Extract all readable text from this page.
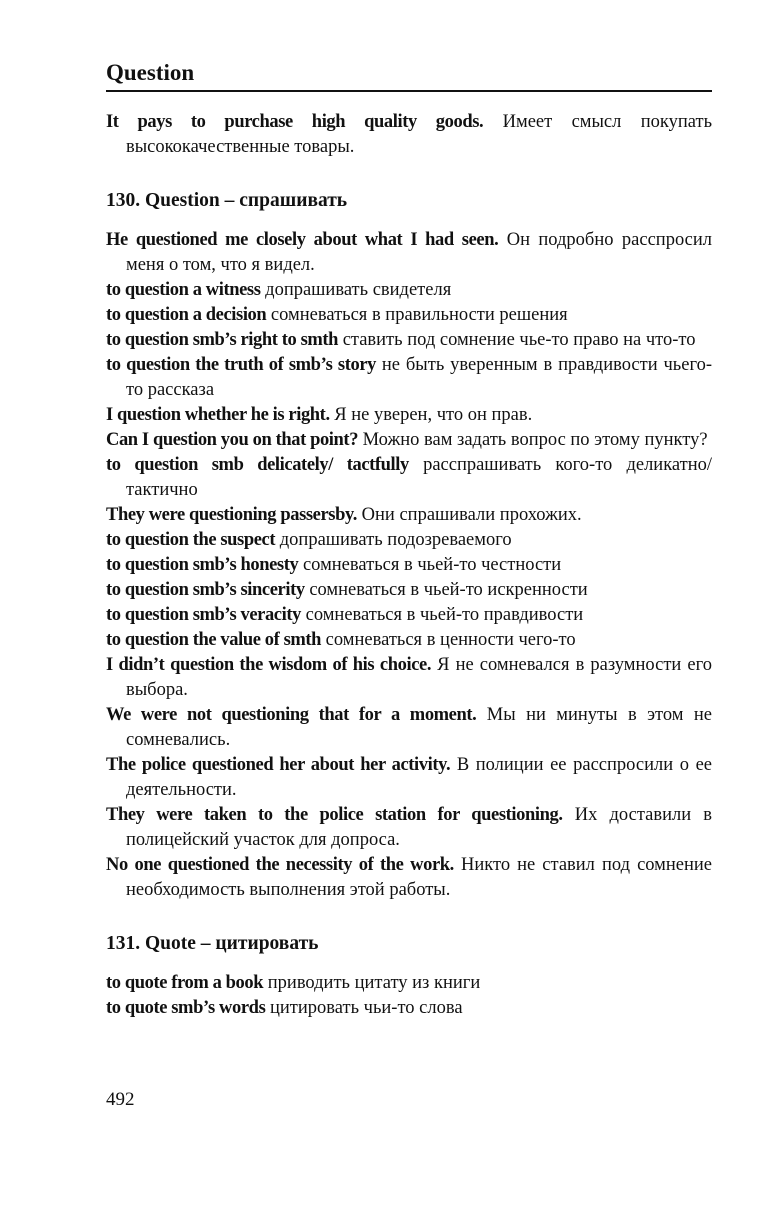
Question
It pays to purchase high quality goods. Имеет смысл покупать высококачественные товары.
130. Question – спрашивать
He questioned me closely about what I had seen. Он подробно расспросил меня о том, что я видел.
to question a witness допрашивать свидетеля
to question a decision сомневаться в правильности решения
to question smb’s right to smth ставить под сомнение чье-то право на что-то
to question the truth of smb’s story не быть уверенным в правдивости чьего-то рассказа
I question whether he is right. Я не уверен, что он прав.
Can I question you on that point? Можно вам задать вопрос по этому пункту?
to question smb delicately/ tactfully расспрашивать кого-то деликатно/ тактично
They were questioning passersby. Они спрашивали прохожих.
to question the suspect допрашивать подозреваемого
to question smb’s honesty сомневаться в чьей-то честности
to question smb’s sincerity сомневаться в чьей-то искренности
to question smb’s veracity сомневаться в чьей-то правдивости
to question the value of smth сомневаться в ценности чего-то
I didn’t question the wisdom of his choice. Я не сомневался в разумности его выбора.
We were not questioning that for a moment. Мы ни минуты в этом не сомневались.
The police questioned her about her activity. В полиции ее расспросили о ее деятельности.
They were taken to the police station for questioning. Их доставили в полицейский участок для допроса.
No one questioned the necessity of the work. Никто не ставил под сомнение необходимость выполнения этой работы.
131. Quote – цитировать
to quote from a book приводить цитату из книги
to quote smb’s words цитировать чьи-то слова
492
